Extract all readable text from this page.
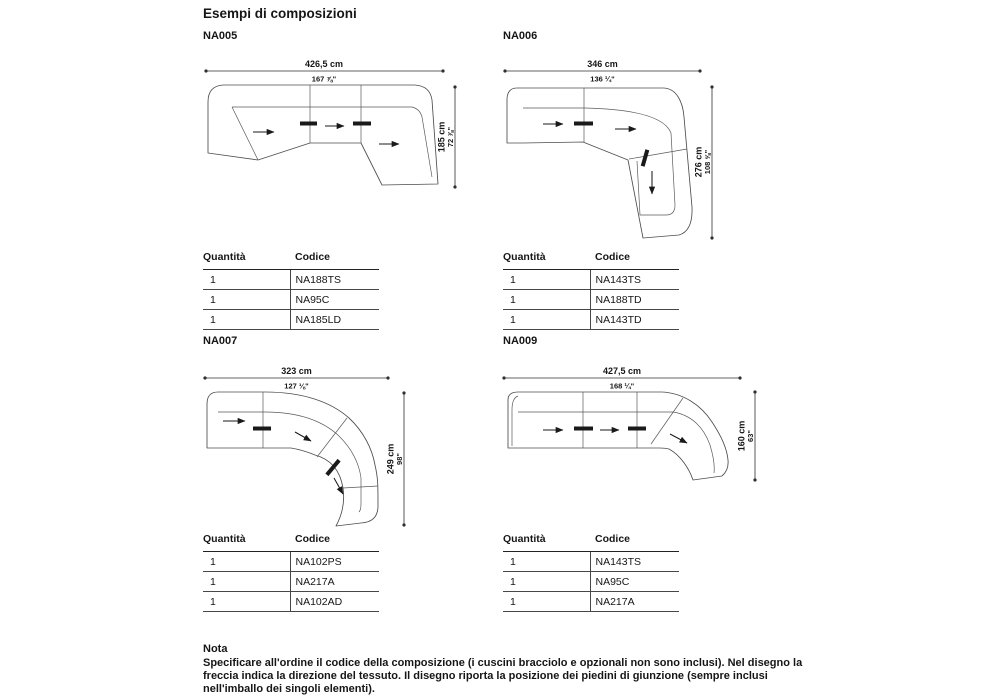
Esempi di composizioni
NA005
426,5 cm
167 ⅞"
185 cm 72 ⅞"
NA006
346 cm
136 ¼"
276 cm 108 ⅝"
Quantità	Codice
1	NA188TS
1	NA95C
1	NA185LD
Quantità	Codice
1	NA143TS
1	NA188TD
1	NA143TD
NA007
323 cm
127 ⅛"
249 cm 98"
NA009
427,5 cm
168 ¼"
160 cm 63"
Quantità	Codice
1	NA102PS
1	NA217A
1	NA102AD
Quantità	Codice
1	NA143TS
1	NA95C
1	NA217A
Nota
Specificare all'ordine il codice della composizione (i cuscini bracciolo e opzionali non sono inclusi). Nel disegno la freccia indica la direzione del tessuto. Il disegno riporta la posizione dei piedini di giunzione (sempre inclusi nell'imballo dei singoli elementi).
